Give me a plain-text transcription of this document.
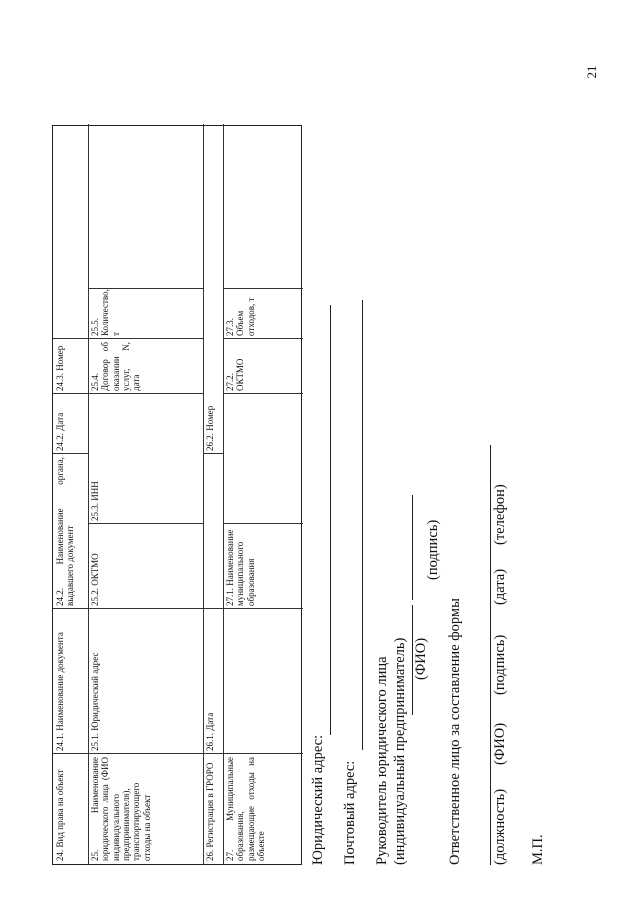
21
24. Вид права на объект
24.1. Наименование документа
24.2. Наименование органа, выдавшего документ
24.2. Дата
24.3. Номер
25. Наименование юридического лица (ФИО индивидуального предпринимателя), транспортирующего отходы на объект
25.1. Юридический адрес
25.2. ОКТМО
25.3. ИНН
25.4. Договор об оказании услуг, N, дата
25.5. Количество, т
26. Регистрация в ГРОРО
26.1. Дата
26.2. Номер
27. Муниципальные образования, размещающие отходы на объекте
27.1. Наименование муниципального образования
27.2. ОКТМО
27.3. Объем отходов, т
Юридический адрес: Почтовый адрес: Руководитель юридического лица (индивидуальный предприниматель) (ФИО)
(подпись)
Ответственное лицо за составление формы (должность)
(ФИО)
(подпись)
(дата)
(телефон)
М.П.
